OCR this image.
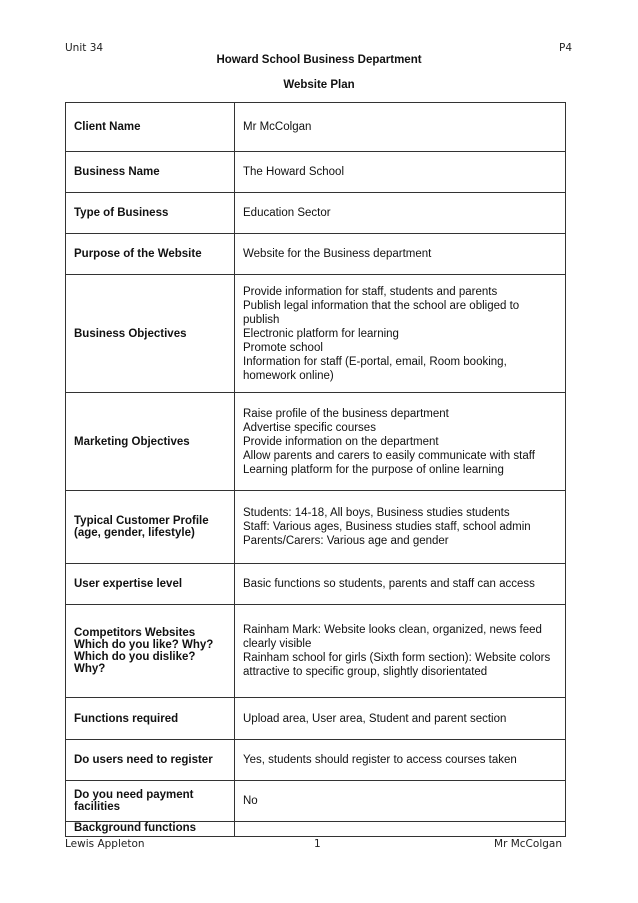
Unit 34	P4
Howard School Business Department
Website Plan
Client Name	Mr McColgan

Business Name	The Howard School

Type of Business	Education Sector

Purpose of the Website	Website for the Business department

Business Objectives	Provide information for staff, students and parents
Publish legal information that the school are obliged to publish
Electronic platform for learning
Promote school
Information for staff (E-portal, email, Room booking, homework online)

Marketing Objectives	Raise profile of the business department
Advertise specific courses
Provide information on the department
Allow parents and carers to easily communicate with staff
Learning platform for the purpose of online learning

Typical Customer Profile (age, gender, lifestyle)	Students: 14-18, All boys, Business studies students
Staff: Various ages, Business studies staff, school admin
Parents/Carers: Various age and gender

User expertise level	Basic functions so students, parents and staff can access

Competitors Websites Which do you like? Why? Which do you dislike? Why?	Rainham Mark: Website looks clean, organized, news feed clearly visible
Rainham school for girls (Sixth form section): Website colors attractive to specific group, slightly disorientated

Functions required	Upload area, User area, Student and parent section

Do users need to register	Yes, students should register to access courses taken

Do you need payment facilities	No

Background functions	
Lewis Appleton	1	Mr McColgan
